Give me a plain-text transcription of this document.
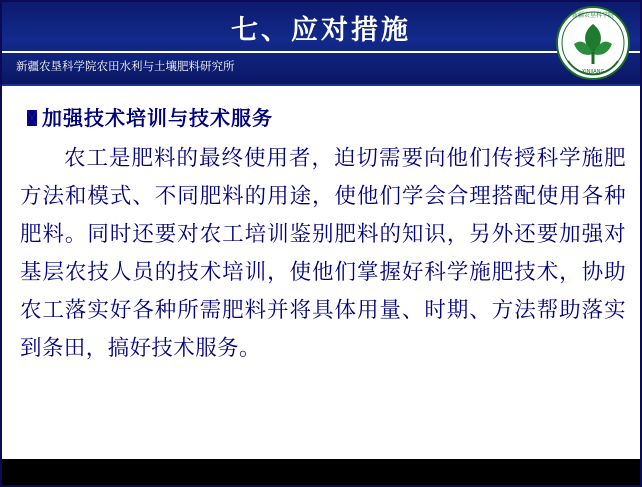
七、应对措施
新疆农垦科学院农田水利与土壤肥料研究所
新疆农垦科学院
XINJIANG
加强技术培训与技术服务
农工是肥料的最终使用者，迫切需要向他们传授科学施肥方法和模式、不同肥料的用途，使他们学会合理搭配使用各种肥料。同时还要对农工培训鉴别肥料的知识，另外还要加强对基层农技人员的技术培训，使他们掌握好科学施肥技术，协助农工落实好各种所需肥料并将具体用量、时期、方法帮助落实到条田，搞好技术服务。
